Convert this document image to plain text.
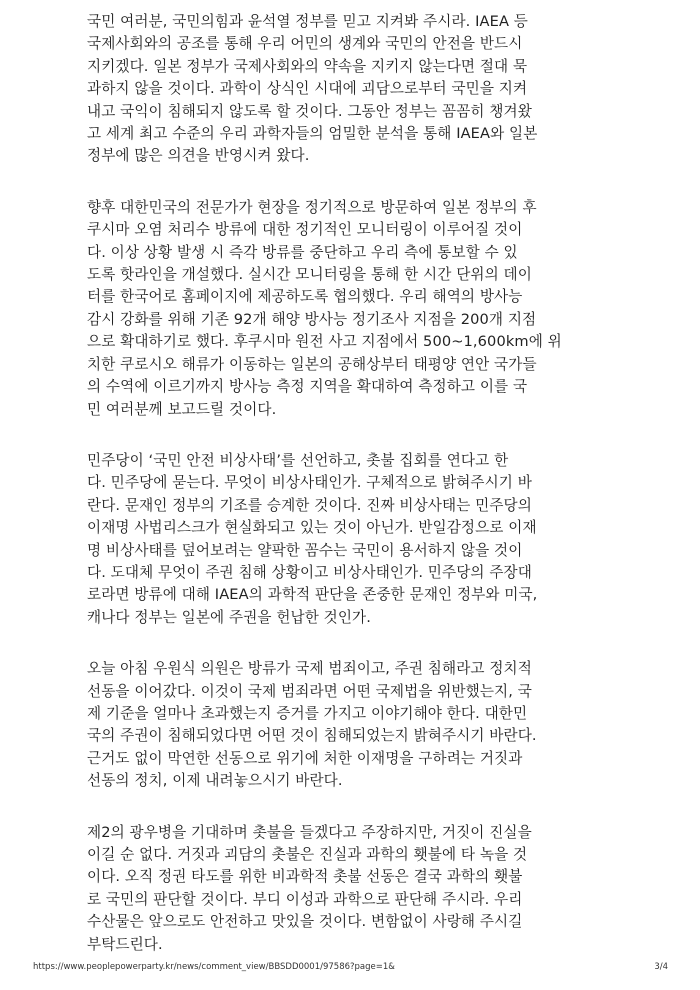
국민 여러분, 국민의힘과 윤석열 정부를 믿고 지켜봐 주시라. IAEA 등
국제사회와의 공조를 통해 우리 어민의 생계와 국민의 안전을 반드시
지키겠다. 일본 정부가 국제사회와의 약속을 지키지 않는다면 절대 묵
과하지 않을 것이다. 과학이 상식인 시대에 괴담으로부터 국민을 지켜
내고 국익이 침해되지 않도록 할 것이다. 그동안 정부는 꼼꼼히 챙겨왔
고 세계 최고 수준의 우리 과학자들의 엄밀한 분석을 통해 IAEA와 일본
정부에 많은 의견을 반영시켜 왔다.
향후 대한민국의 전문가가 현장을 정기적으로 방문하여 일본 정부의 후
쿠시마 오염 처리수 방류에 대한 정기적인 모니터링이 이루어질 것이
다. 이상 상황 발생 시 즉각 방류를 중단하고 우리 측에 통보할 수 있
도록 핫라인을 개설했다. 실시간 모니터링을 통해 한 시간 단위의 데이
터를 한국어로 홈페이지에 제공하도록 협의했다. 우리 해역의 방사능
감시 강화를 위해 기존 92개 해양 방사능 정기조사 지점을 200개 지점
으로 확대하기로 했다. 후쿠시마 원전 사고 지점에서 500~1,600km에 위
치한 쿠로시오 해류가 이동하는 일본의 공해상부터 태평양 연안 국가들
의 수역에 이르기까지 방사능 측정 지역을 확대하여 측정하고 이를 국
민 여러분께 보고드릴 것이다.
민주당이 ‘국민 안전 비상사태’를 선언하고, 촛불 집회를 연다고 한
다. 민주당에 묻는다. 무엇이 비상사태인가. 구체적으로 밝혀주시기 바
란다. 문재인 정부의 기조를 승계한 것이다. 진짜 비상사태는 민주당의
이재명 사법리스크가 현실화되고 있는 것이 아닌가. 반일감정으로 이재
명 비상사태를 덮어보려는 얄팍한 꼼수는 국민이 용서하지 않을 것이
다. 도대체 무엇이 주권 침해 상황이고 비상사태인가. 민주당의 주장대
로라면 방류에 대해 IAEA의 과학적 판단을 존중한 문재인 정부와 미국,
캐나다 정부는 일본에 주권을 헌납한 것인가.
오늘 아침 우원식 의원은 방류가 국제 범죄이고, 주권 침해라고 정치적
선동을 이어갔다. 이것이 국제 범죄라면 어떤 국제법을 위반했는지, 국
제 기준을 얼마나 초과했는지 증거를 가지고 이야기해야 한다. 대한민
국의 주권이 침해되었다면 어떤 것이 침해되었는지 밝혀주시기 바란다.
근거도 없이 막연한 선동으로 위기에 처한 이재명을 구하려는 거짓과
선동의 정치, 이제 내려놓으시기 바란다.
제2의 광우병을 기대하며 촛불을 들겠다고 주장하지만, 거짓이 진실을
이길 순 없다. 거짓과 괴담의 촛불은 진실과 과학의 횃불에 타 녹을 것
이다. 오직 정권 타도를 위한 비과학적 촛불 선동은 결국 과학의 횃불
로 국민의 판단할 것이다. 부디 이성과 과학으로 판단해 주시라. 우리
수산물은 앞으로도 안전하고 맛있을 것이다. 변함없이 사랑해 주시길
부탁드린다.
https://www.peoplepowerparty.kr/news/comment_view/BBSDD0001/97586?page=1&	3/4
